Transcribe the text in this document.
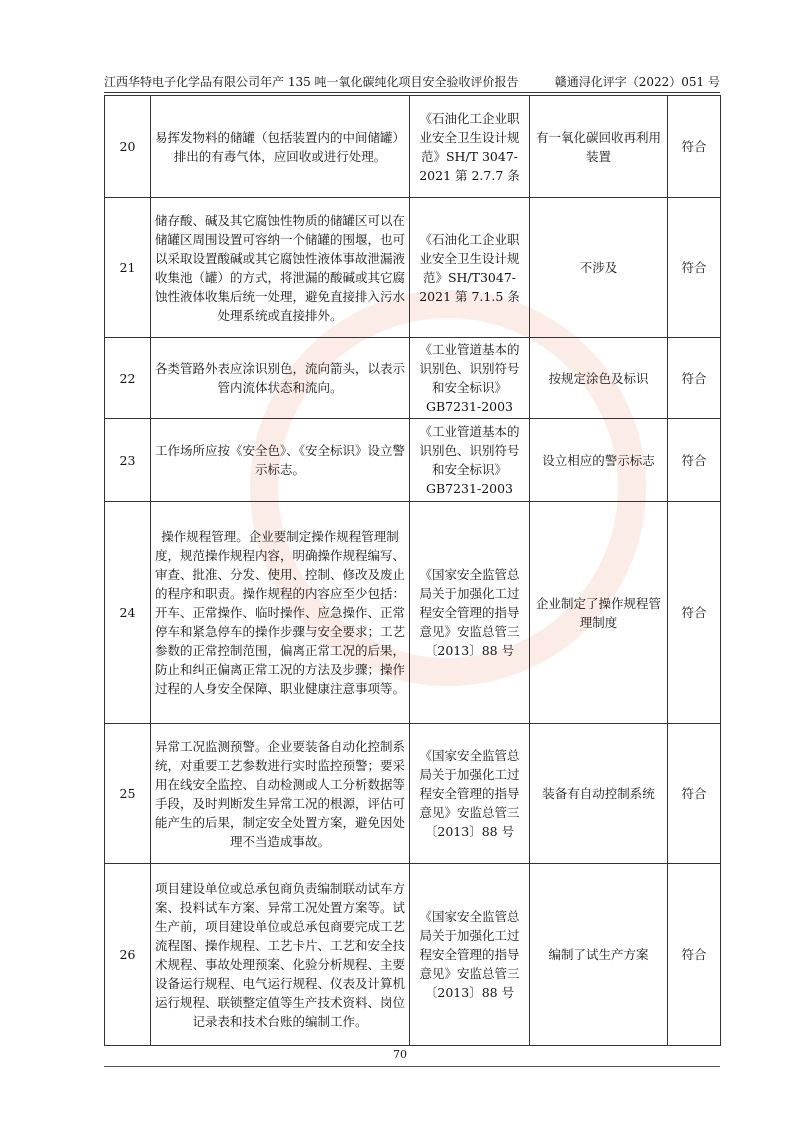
江西华特电子化学品有限公司年产 135 吨一氧化碳纯化项目安全验收评价报告	赣通浔化评字（2022）051 号
20	易挥发物料的储罐（包括装置内的中间储罐）排出的有毒气体，应回收或进行处理。	《石油化工企业职业安全卫生设计规范》SH/T 3047-2021 第 2.7.7 条	有一氧化碳回收再利用装置	符合
21	储存酸、碱及其它腐蚀性物质的储罐区可以在储罐区周围设置可容纳一个储罐的围堰，也可以采取设置酸碱或其它腐蚀性液体事故泄漏液收集池（罐）的方式，将泄漏的酸碱或其它腐蚀性液体收集后统一处理，避免直接排入污水处理系统或直接排外。	《石油化工企业职业安全卫生设计规范》SH/T3047-2021 第 7.1.5 条	不涉及	符合
22	各类管路外表应涂识别色，流向箭头，以表示管内流体状态和流向。	《工业管道基本的识别色、识别符号和安全标识》GB7231-2003	按规定涂色及标识	符合
23	工作场所应按《安全色》、《安全标识》设立警示标志。	《工业管道基本的识别色、识别符号和安全标识》GB7231-2003	设立相应的警示标志	符合
24	操作规程管理。企业要制定操作规程管理制度，规范操作规程内容，明确操作规程编写、审查、批准、分发、使用、控制、修改及废止的程序和职责。操作规程的内容应至少包括：开车、正常操作、临时操作、应急操作、正常停车和紧急停车的操作步骤与安全要求；工艺参数的正常控制范围，偏离正常工况的后果，防止和纠正偏离正常工况的方法及步骤；操作过程的人身安全保障、职业健康注意事项等。	《国家安全监管总局关于加强化工过程安全管理的指导意见》安监总管三〔2013〕88 号	企业制定了操作规程管理制度	符合
25	异常工况监测预警。企业要装备自动化控制系统，对重要工艺参数进行实时监控预警；要采用在线安全监控、自动检测或人工分析数据等手段，及时判断发生异常工况的根源，评估可能产生的后果，制定安全处置方案，避免因处理不当造成事故。	《国家安全监管总局关于加强化工过程安全管理的指导意见》安监总管三〔2013〕88 号	装备有自动控制系统	符合
26	项目建设单位或总承包商负责编制联动试车方案、投料试车方案、异常工况处置方案等。试生产前，项目建设单位或总承包商要完成工艺流程图、操作规程、工艺卡片、工艺和安全技术规程、事故处理预案、化验分析规程、主要设备运行规程、电气运行规程、仪表及计算机运行规程、联锁整定值等生产技术资料、岗位记录表和技术台账的编制工作。	《国家安全监管总局关于加强化工过程安全管理的指导意见》安监总管三〔2013〕88 号	编制了试生产方案	符合
70
